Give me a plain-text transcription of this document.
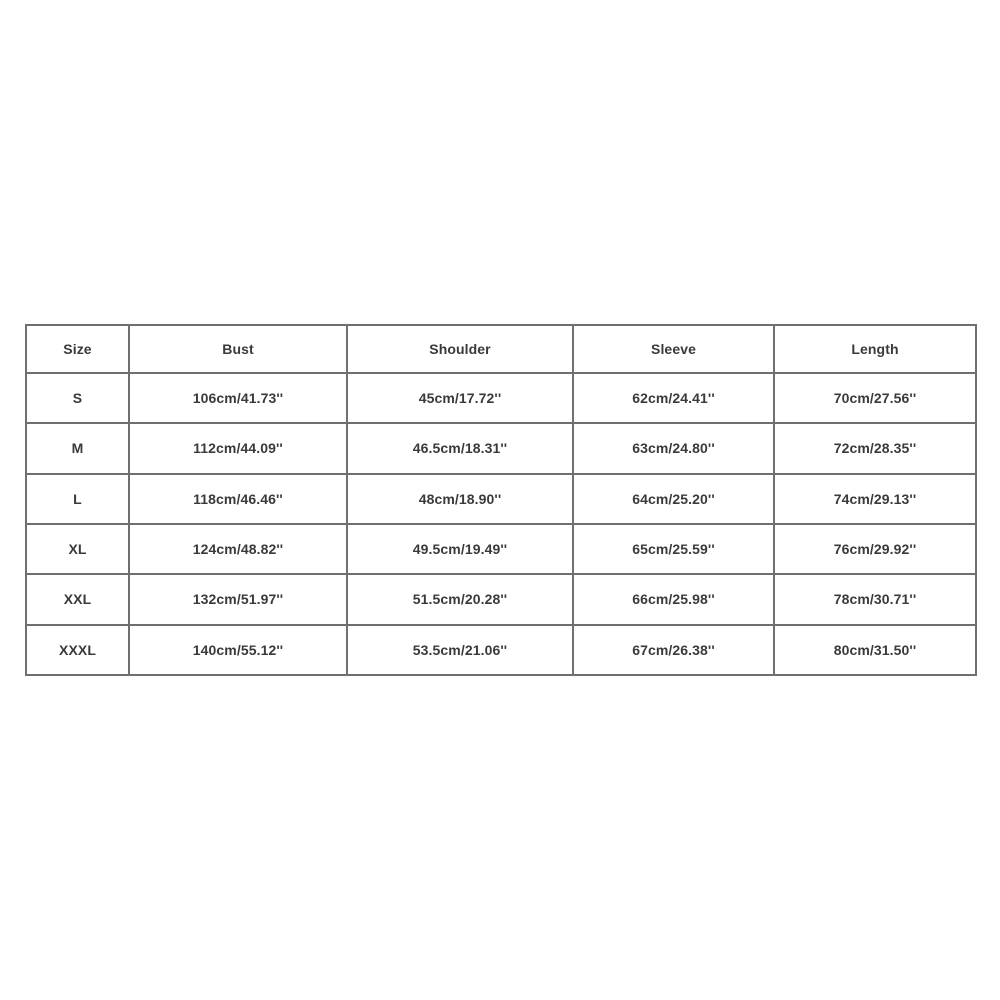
Size	Bust	Shoulder	Sleeve	Length
S	106cm/41.73''	45cm/17.72''	62cm/24.41''	70cm/27.56''
M	112cm/44.09''	46.5cm/18.31''	63cm/24.80''	72cm/28.35''
L	118cm/46.46''	48cm/18.90''	64cm/25.20''	74cm/29.13''
XL	124cm/48.82''	49.5cm/19.49''	65cm/25.59''	76cm/29.92''
XXL	132cm/51.97''	51.5cm/20.28''	66cm/25.98''	78cm/30.71''
XXXL	140cm/55.12''	53.5cm/21.06''	67cm/26.38''	80cm/31.50''
